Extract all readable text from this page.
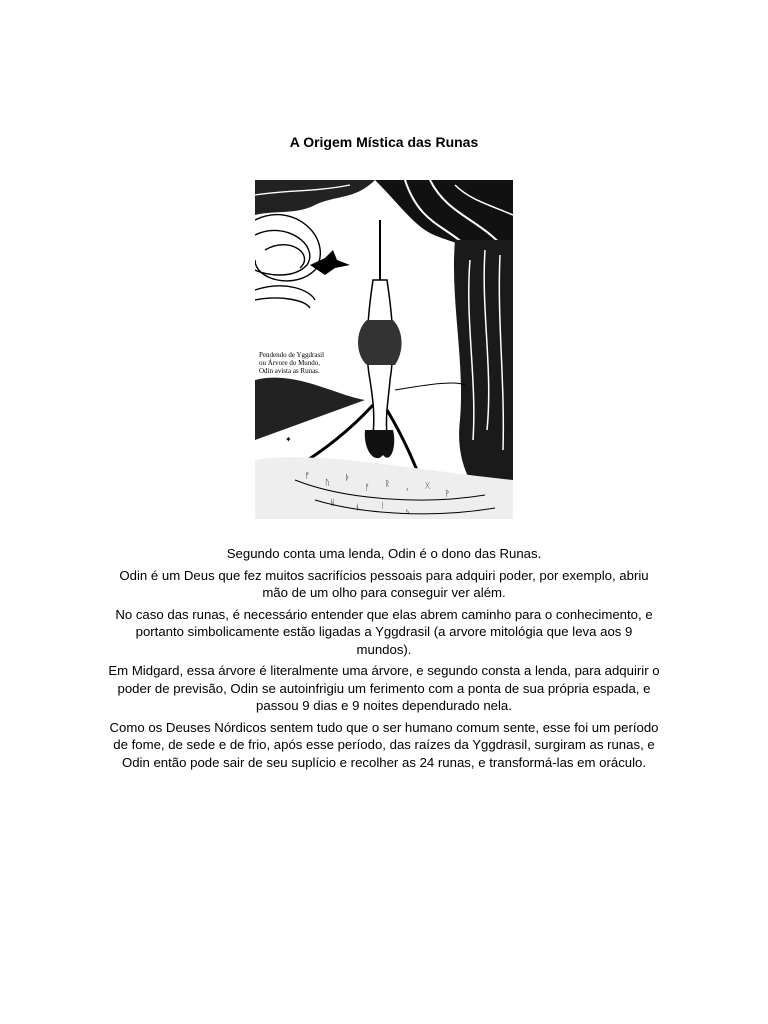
A Origem Mística das Runas
ᚠ
ᚢ
ᚦ
ᚨ ᚱ
ᚲ ᚷ
ᚹ
ᚺ
ᚾ	ᛁ
ᛃ
✦
Pendendo de Yggdrasil
ou Árvore do Mundo,
Odin avista as Runas.

Segundo conta uma lenda, Odin é o dono das Runas.

Odin é um Deus que fez muitos sacrifícios pessoais para adquiri poder, por exemplo, abriu mão de um olho para conseguir ver além.

No caso das runas, é necessário entender que elas abrem caminho para o conhecimento, e portanto simbolicamente estão ligadas a Yggdrasil (a arvore mitológia que leva aos 9 mundos).

Em Midgard, essa árvore é literalmente uma árvore, e segundo consta a lenda, para adquirir o poder de previsão, Odin se autoinfrigiu um ferimento com a ponta de sua própria espada, e passou 9 dias e 9 noites dependurado nela.

Como os Deuses Nórdicos sentem tudo que o ser humano comum sente, esse foi um período de fome, de sede e de frio, após esse período, das raízes da Yggdrasil, surgiram as runas, e Odin então pode sair de seu suplício e recolher as 24 runas, e transformá-las em oráculo.
